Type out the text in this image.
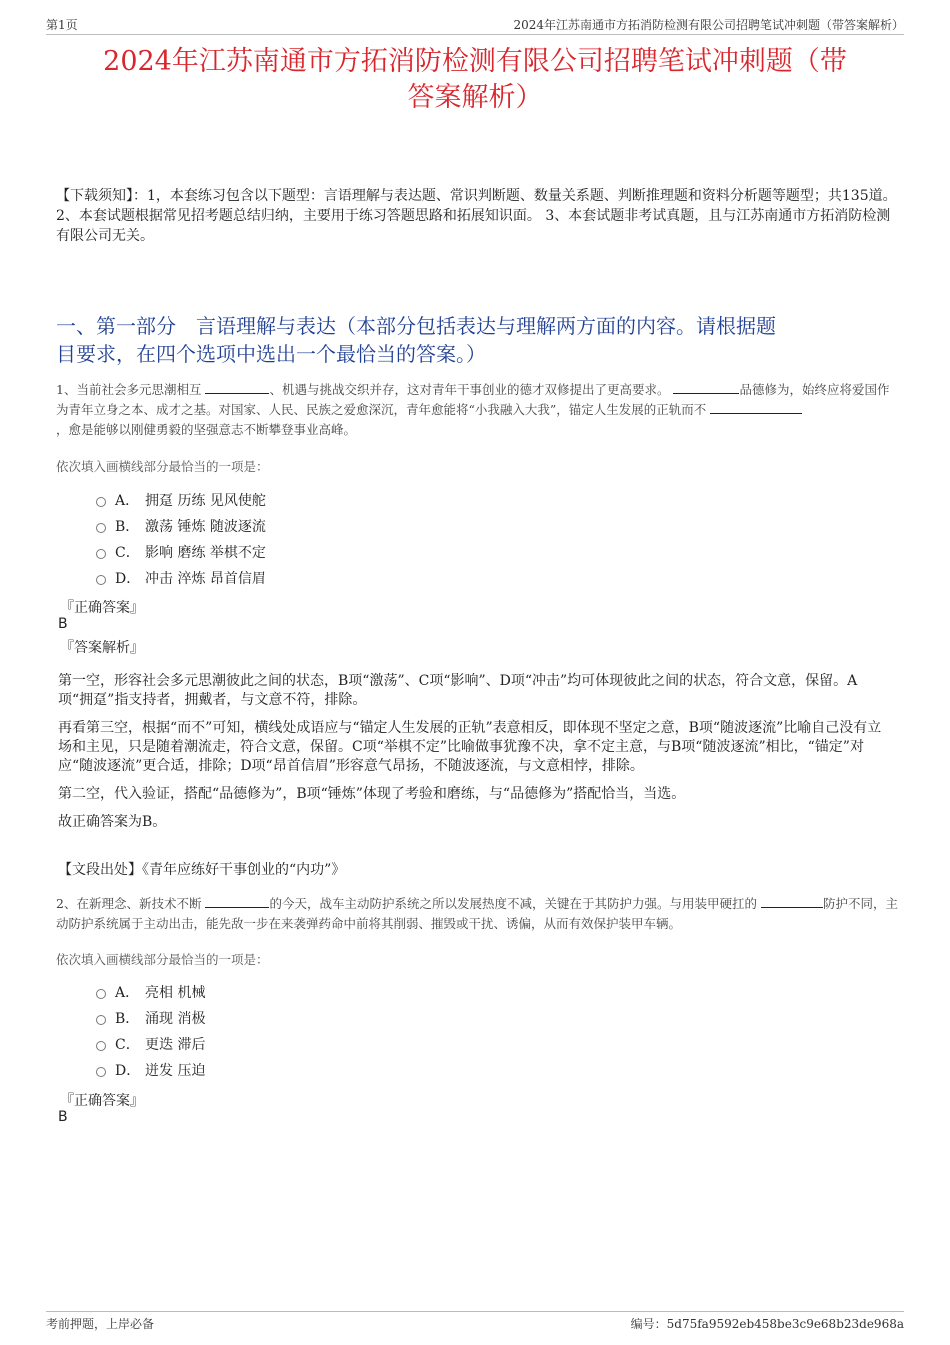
第1页	2024年江苏南通市方拓消防检测有限公司招聘笔试冲刺题（带答案解析）
2024年江苏南通市方拓消防检测有限公司招聘笔试冲刺题（带
答案解析）
【下载须知】：1，本套练习包含以下题型：言语理解与表达题、常识判断题、数量关系题、判断推理题和资料分析题等题型；共135道。 2、本套试题根据常见招考题总结归纳，主要用于练习答题思路和拓展知识面。 3、本套试题非考试真题，且与江苏南通市方拓消防检测有限公司无关。
一、第一部分　言语理解与表达（本部分包括表达与理解两方面的内容。请根据题
目要求，在四个选项中选出一个最恰当的答案。）
1、当前社会多元思潮相互	、机遇与挑战交织并存，这对青年干事创业的德才双修提出了更高要求。	品德修为，始终应将爱国作为青年立身之本、成才之基。对国家、人民、民族之爱愈深沉，青年愈能将“小我融入大我”，锚定人生发展的正轨而不
，愈是能够以刚健勇毅的坚强意志不断攀登事业高峰。
依次填入画横线部分最恰当的一项是：
A． 拥趸 历练 见风使舵
B． 激荡 锤炼 随波逐流
C． 影响 磨练 举棋不定
D． 冲击 淬炼 昂首信眉
『正确答案』
B
『答案解析』

第一空，形容社会多元思潮彼此之间的状态，B项“激荡”、C项“影响”、D项“冲击”均可体现彼此之间的状态，符合文意，保留。A项“拥趸”指支持者，拥戴者，与文意不符，排除。

再看第三空，根据“而不”可知，横线处成语应与“锚定人生发展的正轨”表意相反，即体现不坚定之意，B项“随波逐流”比喻自己没有立场和主见，只是随着潮流走，符合文意，保留。C项“举棋不定”比喻做事犹豫不决，拿不定主意，与B项“随波逐流”相比，“锚定”对应“随波逐流”更合适，排除；D项“昂首信眉”形容意气昂扬，不随波逐流，与文意相悖，排除。

第二空，代入验证，搭配“品德修为”，B项“锤炼”体现了考验和磨练，与“品德修为”搭配恰当，当选。

故正确答案为B。

【文段出处】《青年应练好干事创业的“内功”》
2、在新理念、新技术不断	的今天，战车主动防护系统之所以发展热度不减，关键在于其防护力强。与用装甲硬扛的	防护不同，主动防护系统属于主动出击，能先敌一步在来袭弹药命中前将其削弱、摧毁或干扰、诱偏，从而有效保护装甲车辆。
依次填入画横线部分最恰当的一项是：
A． 亮相 机械
B． 涌现 消极
C． 更迭 滞后
D． 迸发 压迫
『正确答案』
B
考前押题，上岸必备	编号：5d75fa9592eb458be3c9e68b23de968a
